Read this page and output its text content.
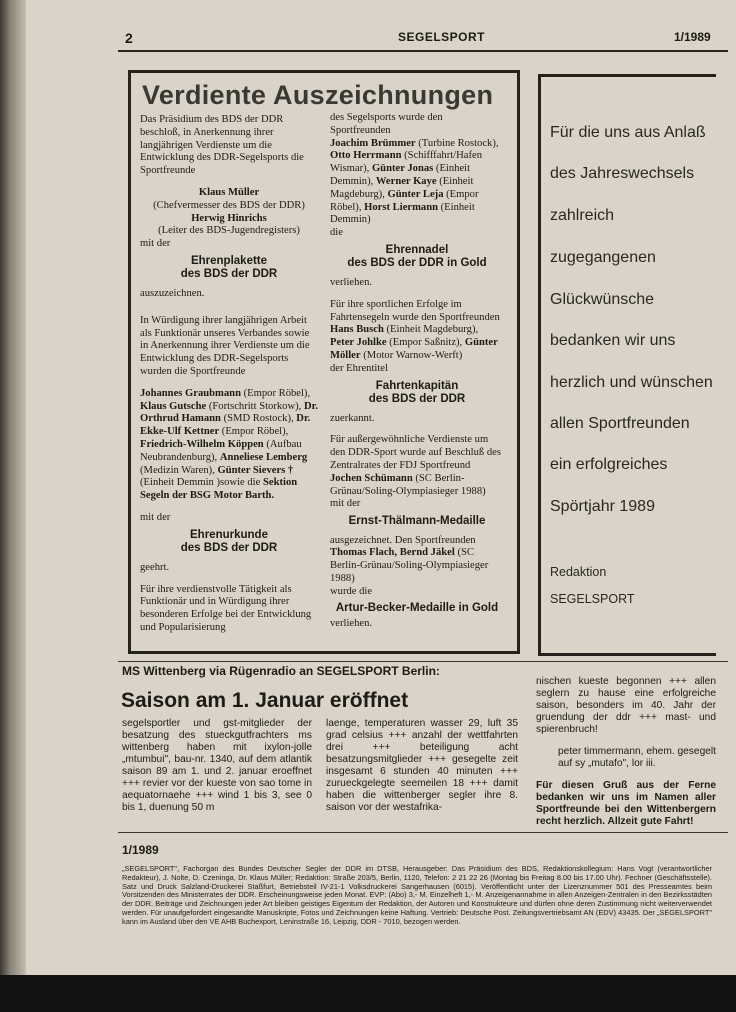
2	SEGELSPORT	1/1989
Verdiente Auszeichnungen

Das Präsidium des BDS der DDR beschloß, in Anerkennung ihrer langjährigen Verdienste um die Entwicklung des DDR-Segelsports die Sportfreunde

Klaus Müller
(Chefvermesser des BDS der DDR)
Herwig Hinrichs
(Leiter des BDS-Jugendregisters)

mit der

Ehrenplakette
des BDS der DDR

auszuzeichnen.

In Würdigung ihrer langjährigen Arbeit als Funktionär unseres Verbandes sowie in Anerkennung ihrer Verdienste um die Entwicklung des DDR-Segelsports wurden die Sportfreunde

Johannes Graubmann (Empor Röbel), Klaus Gutsche (Fortschritt Storkow), Dr. Orthrud Hamann (SMD Rostock), Dr. Ekke-Ulf Kettner (Empor Röbel), Friedrich-Wilhelm Köppen (Aufbau Neubrandenburg), Anneliese Lemberg (Medizin Waren), Günter Sievers † (Einheit Demmin )sowie die Sektion Segeln der BSG Motor Barth.

mit der

Ehrenurkunde
des BDS der DDR

geehrt.

Für ihre verdienstvolle Tätigkeit als Funktionär und in Würdigung ihrer besonderen Erfolge bei der Entwicklung und Popularisierung

des Segelsports wurde den Sportfreunden

Joachim Brümmer (Turbine Rostock), Otto Herrmann (Schifffahrt/Hafen Wismar), Günter Jonas (Einheit Demmin), Werner Kaye (Einheit Magdeburg), Günter Leja (Empor Röbel), Horst Liermann (Einheit Demmin)

die

Ehrennadel
des BDS der DDR in Gold

verliehen.

Für ihre sportlichen Erfolge im Fahrtensegeln wurde den Sportfreunden

Hans Busch (Einheit Magdeburg), Peter Johlke (Empor Saßnitz), Günter Möller (Motor Warnow-Werft)

der Ehrentitel

Fahrtenkapitän
des BDS der DDR

zuerkannt.

Für außergewöhnliche Verdienste um den DDR-Sport wurde auf Beschluß des Zentralrates der FDJ Sportfreund

Jochen Schümann (SC Berlin-Grünau/Soling-Olympiasieger 1988)

mit der

Ernst-Thälmann-Medaille

ausgezeichnet. Den Sportfreunden Thomas Flach, Bernd Jäkel (SC Berlin-Grünau/Soling-Olympiasieger 1988)

wurde die

Artur-Becker-Medaille in Gold

verliehen.

Für die uns aus Anlaß
des Jahreswechsels
zahlreich
zugegangenen
Glückwünsche
bedanken wir uns
herzlich und wünschen
allen Sportfreunden
ein erfolgreiches
Spörtjahr 1989
Redaktion
SEGELSPORT
MS Wittenberg via Rügenradio an SEGELSPORT Berlin:
Saison am 1. Januar eröffnet
segelsportler und gst-mitglieder der besatzung des stueckgutfrachters ms wittenberg haben mit ixylon-jolle „mtumbui", bau-nr. 1340, auf dem atlantik saison 89 am 1. und 2. januar eroeffnet +++ revier vor der kueste von sao tome in aequatornaehe +++ wind 1 bis 3, see 0 bis 1, duenung 50 m
laenge, temperaturen wasser 29, luft 35 grad celsius +++ anzahl der wettfahrten drei +++ beteiligung acht besatzungsmitglieder +++ gesegelte zeit insgesamt 6 stunden 40 minuten +++ zurueckgelegte seemeilen 18 +++ damit haben die wittenberger segler ihre 8. saison vor der westafrika-
nischen kueste begonnen +++ allen seglern zu hause eine erfolgreiche saison, besonders im 40. Jahr der gruendung der ddr +++ mast- und spierenbruch!
peter timmermann, ehem. gesegelt auf sy „mutafo", lor iii.
Für diesen Gruß aus der Ferne bedanken wir uns im Namen aller Sportfreunde bei den Wittenbergern recht herzlich. Allzeit gute Fahrt!
1/1989
„SEGELSPORT", Fachorgan des Bundes Deutscher Segler der DDR im DTSB, Herausgeber: Das Präsidium des BDS, Redaktionskollegium: Hans Vogt (verantwortlicher Redakteur), J. Nolte, D. Czeninga, Dr. Klaus Müller; Redaktion: Straße 203/5, Berlin, 1120, Telefon: 2 21 22 26 (Montag bis Freitag 8.00 bis 17.00 Uhr). Fechner (Geschäftsstelle). Satz und Druck Salzland-Druckerei Staßfurt, Betriebsteil IV-21-1 Volksdruckerei Sangerhausen (6015). Veröffentlicht unter der Lizenznummer 501 des Presseamtes beim Vorsitzenden des Ministerrates der DDR. Erscheinungsweise jeden Monat. EVP: (Abo) 3,- M. Einzelheft 1,- M. Anzeigenannahme in allen Anzeigen-Zentralen in den Bezirksstädten der DDR. Beiträge und Zeichnungen jeder Art bleiben geistiges Eigentum der Redaktion, der Autoren und Konstrukteure und dürfen ohne deren Zustimmung nicht weiterverwendet werden. Für unaufgefordert eingesandte Manuskripte, Fotos und Zeichnungen keine Haftung. Vertrieb: Deutsche Post. Zeitungsvertriebsamt AN (EDV) 43435. Der „SEGELSPORT" kann im Ausland über den VE AHB Buchexport, Leninstraße 16, Leipzig, DDR - 7010, bezogen werden.
